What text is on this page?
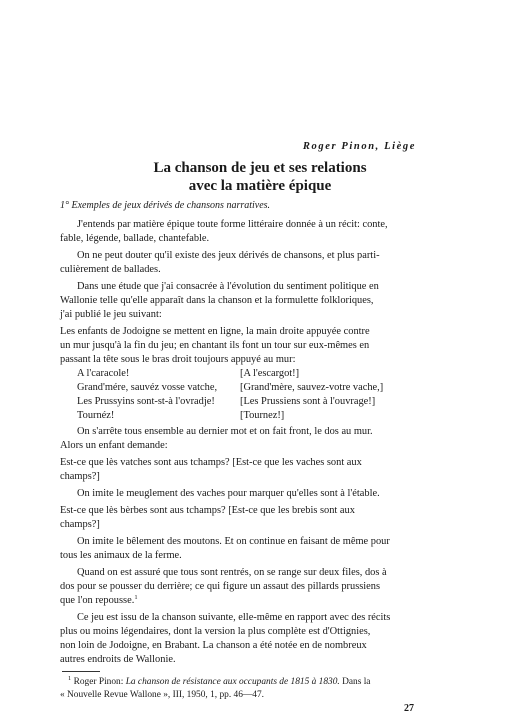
Roger Pinon, Liège
La chanson de jeu et ses relations
avec la matière épique
1° Exemples de jeux dérivés de chansons narratives.
J'entends par matière épique toute forme littéraire donnée à un récit: conte,
fable, légende, ballade, chantefable.
On ne peut douter qu'il existe des jeux dérivés de chansons, et plus parti-
culièrement de ballades.
Dans une étude que j'ai consacrée à l'évolution du sentiment politique en
Wallonie telle qu'elle apparaît dans la chanson et la formulette folkloriques,
j'ai publié le jeu suivant:
Les enfants de Jodoigne se mettent en ligne, la main droite appuyée contre
un mur jusqu'à la fin du jeu; en chantant ils font un tour sur eux-mêmes en
passant la tête sous le bras droit toujours appuyé au mur:
A l'caracole!	[A l'escargot!]
Grand'mére, sauvéz vosse vatche, [Grand'mère, sauvez-votre vache,]
Les Prussyins sont-st-à l'ovradje! [Les Prussiens sont à l'ouvrage!]
Tournéz!	[Tournez!]
On s'arrête tous ensemble au dernier mot et on fait front, le dos au mur.
Alors un enfant demande:
Est-ce que lès vatches sont aus tchamps? [Est-ce que les vaches sont aux
champs?]
On imite le meuglement des vaches pour marquer qu'elles sont à l'étable.
Est-ce que lès bèrbes sont aus tchamps? [Est-ce que les brebis sont aux
champs?]
On imite le bêlement des moutons. Et on continue en faisant de même pour
tous les animaux de la ferme.
Quand on est assuré que tous sont rentrés, on se range sur deux files, dos à
dos pour se pousser du derrière; ce qui figure un assaut des pillards prussiens
que l'on repousse.$^1$
Ce jeu est issu de la chanson suivante, elle-même en rapport avec des récits
plus ou moins légendaires, dont la version la plus complète est d'Ottignies,
non loin de Jodoigne, en Brabant. La chanson a été notée en de nombreux
autres endroits de Wallonie.
$^1$ Roger Pinon: La chanson de résistance aux occupants de 1815 à 1830. Dans la
« Nouvelle Revue Wallone », III, 1950, 1, pp. 46—47.
27
